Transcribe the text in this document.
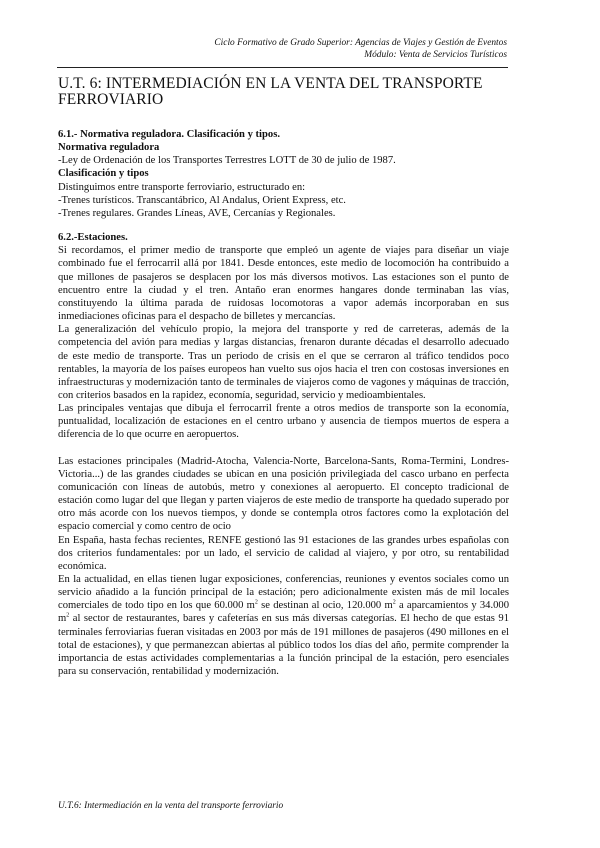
Ciclo Formativo de Grado Superior: Agencias de Viajes y Gestión de Eventos
Módulo: Venta de Servicios Turísticos
U.T. 6: INTERMEDIACIÓN EN LA VENTA DEL TRANSPORTE FERROVIARIO

6.1.- Normativa reguladora. Clasificación y tipos.

Normativa reguladora

-Ley de Ordenación de los Transportes Terrestres LOTT de 30 de julio de 1987.

Clasificación y tipos

Distinguimos entre transporte ferroviario, estructurado en:

-Trenes turísticos. Transcantábrico, Al Andalus, Orient Express, etc.

-Trenes regulares. Grandes Líneas, AVE, Cercanías y Regionales.

6.2.-Estaciones.

Si recordamos, el primer medio de transporte que empleó un agente de viajes para diseñar un viaje combinado fue el ferrocarril allá por 1841. Desde entonces, este medio de locomoción ha contribuido a que millones de pasajeros se desplacen por los más diversos motivos. Las estaciones son el punto de encuentro entre la ciudad y el tren. Antaño eran enormes hangares donde terminaban las vías, constituyendo la última parada de ruidosas locomotoras a vapor además incorporaban en sus inmediaciones oficinas para el despacho de billetes y mercancías.

La generalización del vehículo propio, la mejora del transporte y red de carreteras, además de la competencia del avión para medias y largas distancias, frenaron durante décadas el desarrollo adecuado de este medio de transporte. Tras un periodo de crisis en el que se cerraron al tráfico tendidos poco rentables, la mayoría de los países europeos han vuelto sus ojos hacia el tren con costosas inversiones en infraestructuras y modernización tanto de terminales de viajeros como de vagones y máquinas de tracción, con criterios basados en la rapidez, economía, seguridad, servicio y medioambientales.

Las principales ventajas que dibuja el ferrocarril frente a otros medios de transporte son la economía, puntualidad, localización de estaciones en el centro urbano y ausencia de tiempos muertos de espera a diferencia de lo que ocurre en aeropuertos.

Las estaciones principales (Madrid-Atocha, Valencia-Norte, Barcelona-Sants, Roma-Termini, Londres-Victoria...) de las grandes ciudades se ubican en una posición privilegiada del casco urbano en perfecta comunicación con líneas de autobús, metro y conexiones al aeropuerto. El concepto tradicional de estación como lugar del que llegan y parten viajeros de este medio de transporte ha quedado superado por otro más acorde con los nuevos tiempos, y donde se contempla otros factores como la explotación del espacio comercial y como centro de ocio

En España, hasta fechas recientes, RENFE gestionó las 91 estaciones de las grandes urbes españolas con dos criterios fundamentales: por un lado, el servicio de calidad al viajero, y por otro, su rentabilidad económica.

En la actualidad, en ellas tienen lugar exposiciones, conferencias, reuniones y eventos sociales como un servicio añadido a la función principal de la estación; pero adicionalmente existen más de mil locales comerciales de todo tipo en los que 60.000 $m^2$ se destinan al ocio, 120.000 $m^2$ a aparcamientos y 34.000 $m^2$ al sector de restaurantes, bares y cafeterías en sus más diversas categorías. El hecho de que estas 91 terminales ferroviarias fueran visitadas en 2003 por más de 191 millones de pasajeros (490 millones en el total de estaciones), y que permanezcan abiertas al público todos los días del año, permite comprender la importancia de estas actividades complementarias a la función principal de la estación, pero esenciales para su conservación, rentabilidad y modernización.

U.T.6: Intermediación en la venta del transporte ferroviario
